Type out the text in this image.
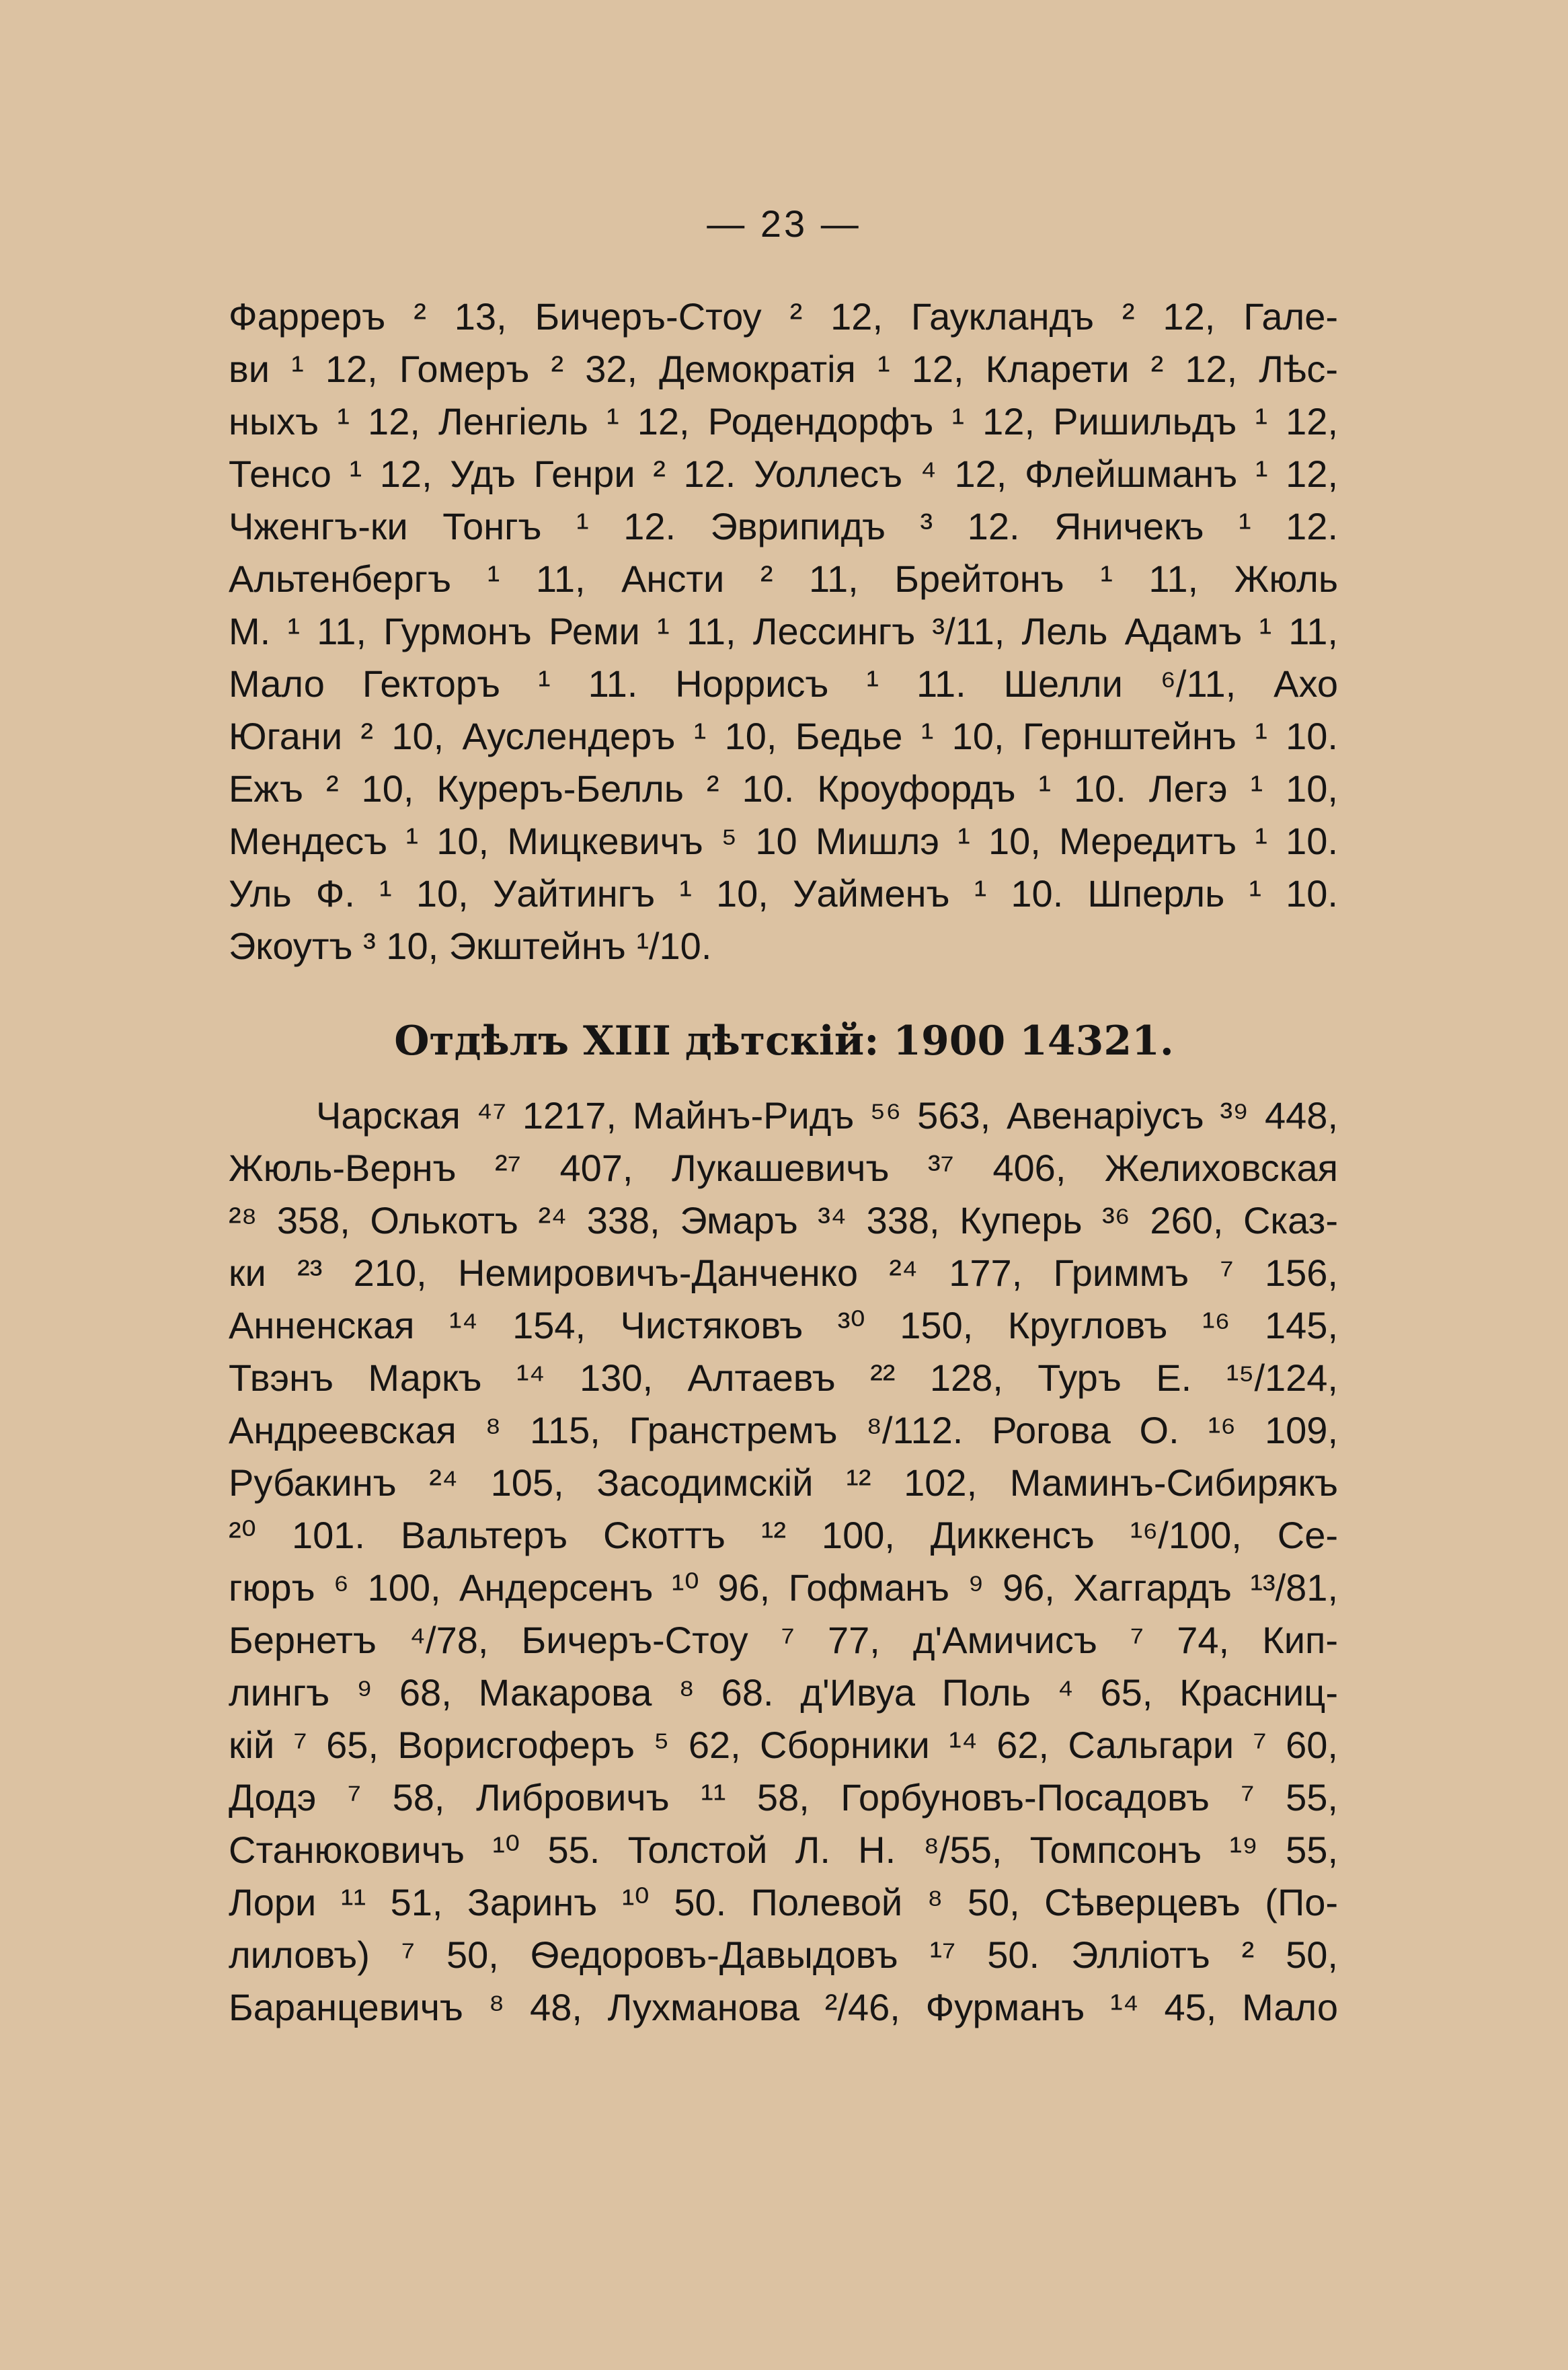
— 23 —
Фарреръ ² 13, Бичеръ-Стоу ² 12, Гаукландъ ² 12, Гале-
ви ¹ 12, Гомеръ ² 32, Демократія ¹ 12, Кларети ² 12, Лѣс-
ныхъ ¹ 12, Ленгіель ¹ 12, Родендорфъ ¹ 12, Ришильдъ ¹ 12,
Тенсо ¹ 12, Удъ Генри ² 12. Уоллесъ ⁴ 12, Флейшманъ ¹ 12,
Чженгъ-ки Тонгъ ¹ 12. Эврипидъ ³ 12. Яничекъ ¹ 12.
Альтенбергъ ¹ 11, Ансти ² 11, Брейтонъ ¹ 11, Жюль
М. ¹ 11, Гурмонъ Реми ¹ 11, Лессингъ ³/11, Лель Адамъ ¹ 11,
Мало Гекторъ ¹ 11. Норрисъ ¹ 11. Шелли ⁶/11, Ахо
Югани ² 10, Ауслендеръ ¹ 10, Бедье ¹ 10, Гернштейнъ ¹ 10.
Ежъ ² 10, Куреръ-Белль ² 10. Кроуфордъ ¹ 10. Легэ ¹ 10,
Мендесъ ¹ 10, Мицкевичъ ⁵ 10 Мишлэ ¹ 10, Мередитъ ¹ 10.
Уль Ф. ¹ 10, Уайтингъ ¹ 10, Уайменъ ¹ 10. Шперль ¹ 10.
Экоутъ ³ 10, Экштейнъ ¹/10.
Отдѣлъ XIII дѣтскій: 1900 14321.
Чарская ⁴⁷ 1217, Майнъ-Ридъ ⁵⁶ 563, Авенаріусъ ³⁹ 448,
Жюль-Вернъ ²⁷ 407, Лукашевичъ ³⁷ 406, Желиховская
²⁸ 358, Олькотъ ²⁴ 338, Эмаръ ³⁴ 338, Куперь ³⁶ 260, Сказ-
ки ²³ 210, Немировичъ-Данченко ²⁴ 177, Гриммъ ⁷ 156,
Анненская ¹⁴ 154, Чистяковъ ³⁰ 150, Кругловъ ¹⁶ 145,
Твэнъ Маркъ ¹⁴ 130, Алтаевъ ²² 128, Туръ Е. ¹⁵/124,
Андреевская ⁸ 115, Гранстремъ ⁸/112. Рогова О. ¹⁶ 109,
Рубакинъ ²⁴ 105, Засодимскій ¹² 102, Маминъ-Сибирякъ
²⁰ 101. Вальтеръ Скоттъ ¹² 100, Диккенсъ ¹⁶/100, Се-
гюръ ⁶ 100, Андерсенъ ¹⁰ 96, Гофманъ ⁹ 96, Хаггардъ ¹³/81,
Бернетъ ⁴/78, Бичеръ-Стоу ⁷ 77, д'Амичисъ ⁷ 74, Кип-
лингъ ⁹ 68, Макарова ⁸ 68. д'Ивуа Поль ⁴ 65, Красниц-
кій ⁷ 65, Ворисгоферъ ⁵ 62, Сборники ¹⁴ 62, Сальгари ⁷ 60,
Додэ ⁷ 58, Либровичъ ¹¹ 58, Горбуновъ-Посадовъ ⁷ 55,
Станюковичъ ¹⁰ 55. Толстой Л. Н. ⁸/55, Томпсонъ ¹⁹ 55,
Лори ¹¹ 51, Заринъ ¹⁰ 50. Полевой ⁸ 50, Сѣверцевъ (По-
лиловъ) ⁷ 50, Ѳедоровъ-Давыдовъ ¹⁷ 50. Эллiотъ ² 50,
Баранцевичъ ⁸ 48, Лухманова ²/46, Фурманъ ¹⁴ 45, Мало
